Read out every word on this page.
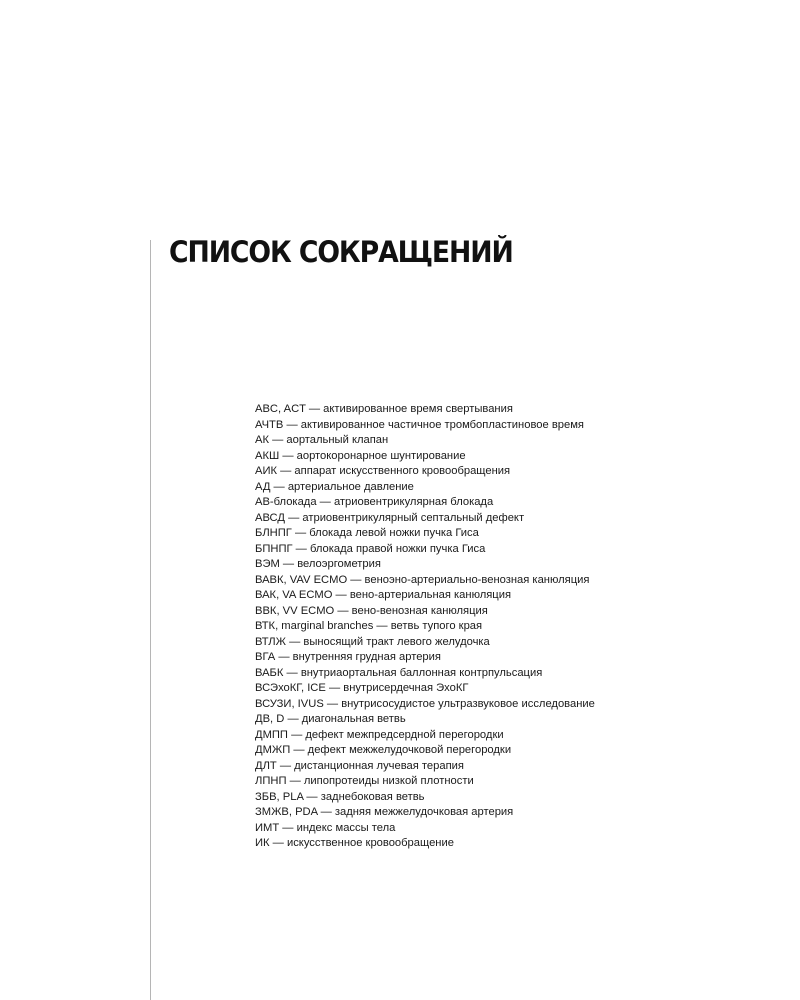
СПИСОК СОКРАЩЕНИЙ
ABC, ACT — активированное время свертывания
АЧТВ — активированное частичное тромбопластиновое время
АК — аортальный клапан
АКШ — аортокоронарное шунтирование
АИК — аппарат искусственного кровообращения
АД — артериальное давление
АВ-блокада — атриовентрикулярная блокада
АВСД — атриовентрикулярный септальный дефект
БЛНПГ — блокада левой ножки пучка Гиса
БПНПГ — блокада правой ножки пучка Гиса
ВЭМ — велоэргометрия
ВАВК, VAV ECMO — веноэно-артериально-венозная канюляция
ВАК, VA ECMO — вено-артериальная канюляция
ВВК, VV ECMO — вено-венозная канюляция
ВТК, marginal branches — ветвь тупого края
ВТЛЖ — выносящий тракт левого желудочка
ВГА — внутренняя грудная артерия
ВАБК — внутриаортальная баллонная контрпульсация
ВСЭхоКГ, ICE — внутрисердечная ЭхоКГ
ВСУЗИ, IVUS — внутрисосудистое ультразвуковое исследование
ДВ, D — диагональная ветвь
ДМПП — дефект межпредсердной перегородки
ДМЖП — дефект межжелудочковой перегородки
ДЛТ — дистанционная лучевая терапия
ЛПНП — липопротеиды низкой плотности
ЗБВ, PLA — заднебоковая ветвь
ЗМЖВ, PDA — задняя межжелудочковая артерия
ИМТ — индекс массы тела
ИК — искусственное кровообращение
